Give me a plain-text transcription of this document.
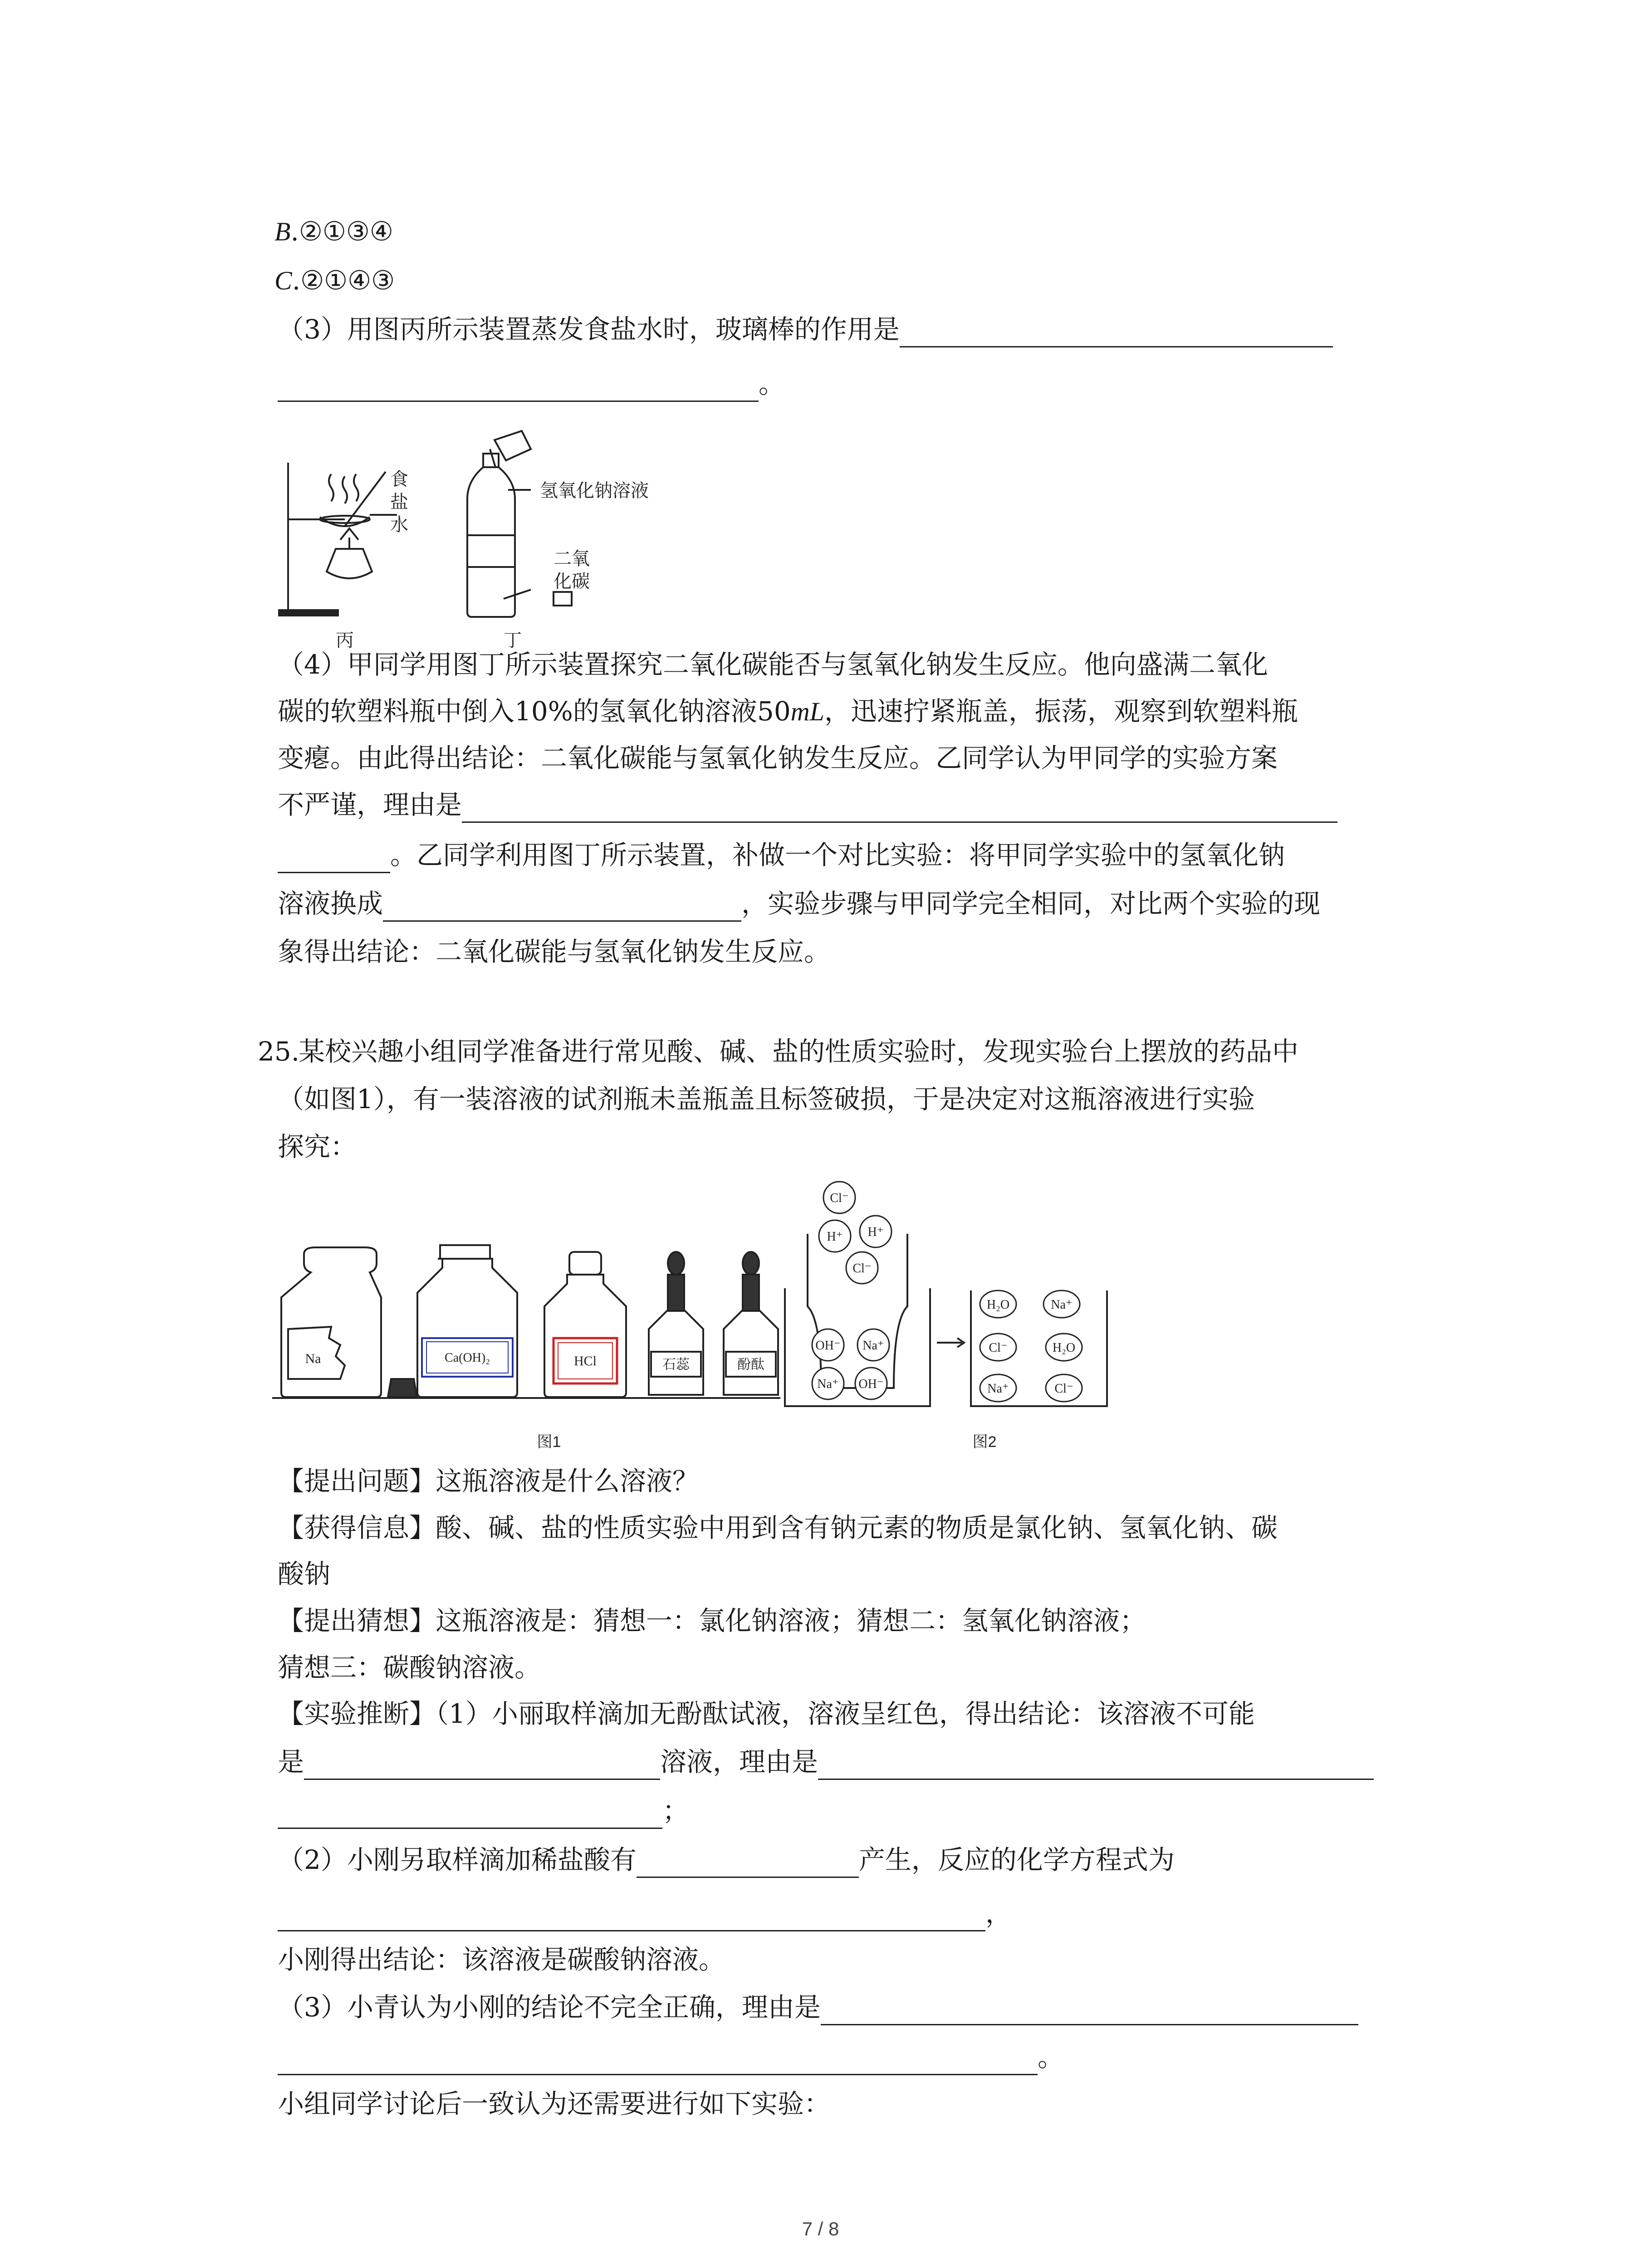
B.②①③④
C.②①④③
（3）用图丙所示装置蒸发食盐水时，玻璃棒的作用是
。
食
盐
水
氢氧化钠溶液
二氧
化碳
丙	丁
（4）甲同学用图丁所示装置探究二氧化碳能否与氢氧化钠发生反应。他向盛满二氧化
碳的软塑料瓶中倒入10%的氢氧化钠溶液50mL，迅速拧紧瓶盖，振荡，观察到软塑料瓶
变瘪。由此得出结论：二氧化碳能与氢氧化钠发生反应。乙同学认为甲同学的实验方案
不严谨，理由是
。乙同学利用图丁所示装置，补做一个对比实验：将甲同学实验中的氢氧化钠
溶液换成	，实验步骤与甲同学完全相同，对比两个实验的现
象得出结论：二氧化碳能与氢氧化钠发生反应。
25.
某校兴趣小组同学准备进行常见酸、碱、盐的性质实验时，发现实验台上摆放的药品中
（如图1），有一装溶液的试剂瓶未盖瓶盖且标签破损，于是决定对这瓶溶液进行实验
探究：
Na	Ca(OH)₂	HCl	石蕊	酚酞
图1	图2
Cl⁻
H⁺
H⁺
Cl⁻
OH⁻ Na⁺
Na⁺ OH⁻
H₂O	Na⁺
Cl⁻	H₂O
Na⁺	Cl⁻
【提出问题】这瓶溶液是什么溶液？
【获得信息】酸、碱、盐的性质实验中用到含有钠元素的物质是氯化钠、氢氧化钠、碳
酸钠
【提出猜想】这瓶溶液是：猜想一：氯化钠溶液；猜想二：氢氧化钠溶液；
猜想三：碳酸钠溶液。
【实验推断】（1）小丽取样滴加无酚酞试液，溶液呈红色，得出结论：该溶液不可能
是	溶液，理由是
；
（2）小刚另取样滴加稀盐酸有	产生，反应的化学方程式为
，
小刚得出结论：该溶液是碳酸钠溶液。
（3）小青认为小刚的结论不完全正确，理由是
。
小组同学讨论后一致认为还需要进行如下实验：
7 / 8
